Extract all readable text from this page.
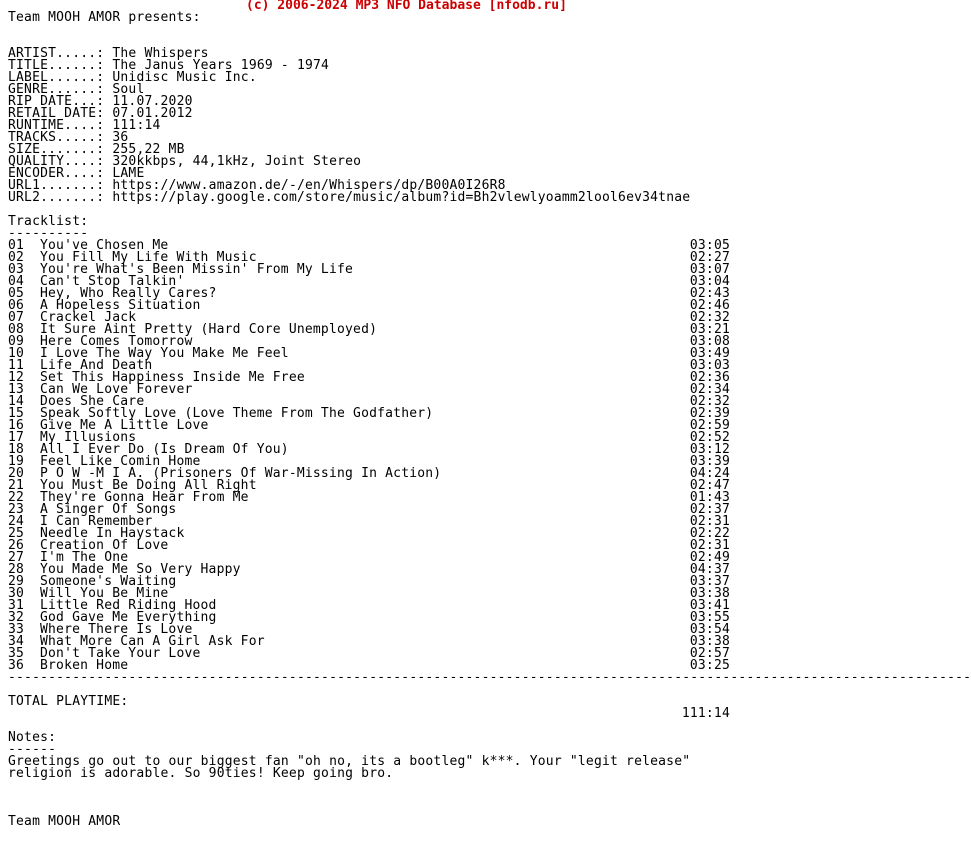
(c) 2006-2024 MP3 NFO Database [nfodb.ru]
Team MOOH AMOR presents:
ARTIST.....: The Whispers
TITLE......: The Janus Years 1969 - 1974
LABEL......: Unidisc Music Inc.
GENRE......: Soul
RIP DATE...: 11.07.2020
RETAIL DATE: 07.01.2012
RUNTIME....: 111:14
TRACKS.....: 36
SIZE.......: 255,22 MB
QUALITY....: 320kkbps, 44,1kHz, Joint Stereo
ENCODER....: LAME
URL1.......: https://www.amazon.de/-/en/Whispers/dp/B00A0I26R8
URL2.......: https://play.google.com/store/music/album?id=Bh2vlewlyoamm2lool6ev34tnae
Tracklist:
----------
01 You've Chosen Me	03:05
02 You Fill My Life With Music	02:27
03 You're What's Been Missin' From My Life	03:07
04 Can't Stop Talkin'	03:04
05 Hey, Who Really Cares?	02:43
06 A Hopeless Situation	02:46
07 Crackel Jack	02:32
08 It Sure Aint Pretty (Hard Core Unemployed)	03:21
09 Here Comes Tomorrow	03:08
10 I Love The Way You Make Me Feel	03:49
11 Life And Death	03:03
12 Set This Happiness Inside Me Free	02:36
13 Can We Love Forever	02:34
14 Does She Care	02:32
15 Speak Softly Love (Love Theme From The Godfather)	02:39
16 Give Me A Little Love	02:59
17 My Illusions	02:52
18 All I Ever Do (Is Dream Of You)	03:12
19 Feel Like Comin Home	03:39
20 P O W -M I A. (Prisoners Of War-Missing In Action)	04:24
21 You Must Be Doing All Right	02:47
22 They're Gonna Hear From Me	01:43
23 A Singer Of Songs	02:37
24 I Can Remember	02:31
25 Needle In Haystack	02:22
26 Creation Of Love	02:31
27 I'm The One	02:49
28 You Made Me So Very Happy	04:37
29 Someone's Waiting	03:37
30 Will You Be Mine	03:38
31 Little Red Riding Hood	03:41
32 God Gave Me Everything	03:55
33 Where There Is Love	03:54
34 What More Can A Girl Ask For	03:38
35 Don't Take Your Love	02:57
36 Broken Home	03:25
------------------------------------------------------------------------------------------------------------------------

TOTAL PLAYTIME:

111:14

Notes:
------
Greetings go out to our biggest fan "oh no, its a bootleg" k***. Your "legit release"
religion is adorable. So 90ties! Keep going bro.
Team MOOH AMOR
